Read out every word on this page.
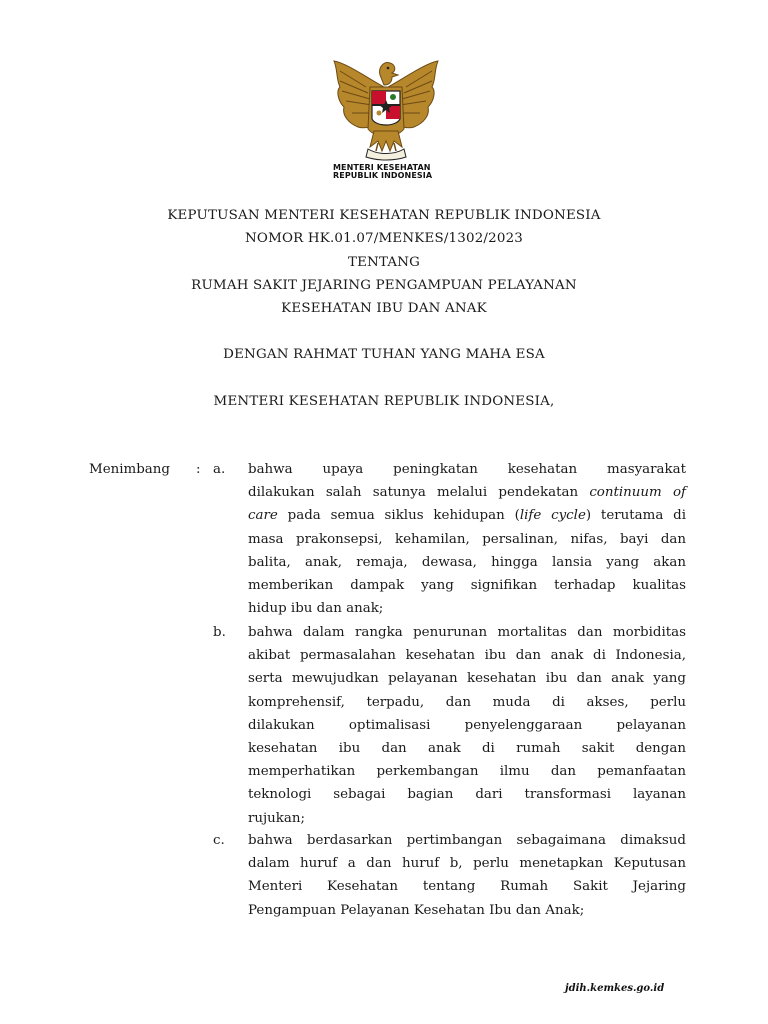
MENTERI KESEHATAN
REPUBLIK INDONESIA
KEPUTUSAN MENTERI KESEHATAN REPUBLIK INDONESIA
NOMOR HK.01.07/MENKES/1302/2023
TENTANG
RUMAH SAKIT JEJARING PENGAMPUAN PELAYANAN
KESEHATAN IBU DAN ANAK
DENGAN RAHMAT TUHAN YANG MAHA ESA
MENTERI KESEHATAN REPUBLIK INDONESIA,
Menimbang : a. bahwa upaya peningkatan kesehatan masyarakat
dilakukan salah satunya melalui pendekatan continuum of
care pada semua siklus kehidupan (life cycle) terutama di
masa prakonsepsi, kehamilan, persalinan, nifas, bayi dan
balita, anak, remaja, dewasa, hingga lansia yang akan
memberikan dampak yang signifikan terhadap kualitas
hidup ibu dan anak;
b. bahwa dalam rangka penurunan mortalitas dan morbiditas
akibat permasalahan kesehatan ibu dan anak di Indonesia,
serta mewujudkan pelayanan kesehatan ibu dan anak yang
komprehensif, terpadu, dan muda di akses, perlu
dilakukan optimalisasi penyelenggaraan pelayanan
kesehatan ibu dan anak di rumah sakit dengan
memperhatikan perkembangan ilmu dan pemanfaatan
teknologi sebagai bagian dari transformasi layanan
rujukan;
c. bahwa berdasarkan pertimbangan sebagaimana dimaksud
dalam huruf a dan huruf b, perlu menetapkan Keputusan
Menteri Kesehatan tentang Rumah Sakit Jejaring
Pengampuan Pelayanan Kesehatan Ibu dan Anak;
jdih.kemkes.go.id
